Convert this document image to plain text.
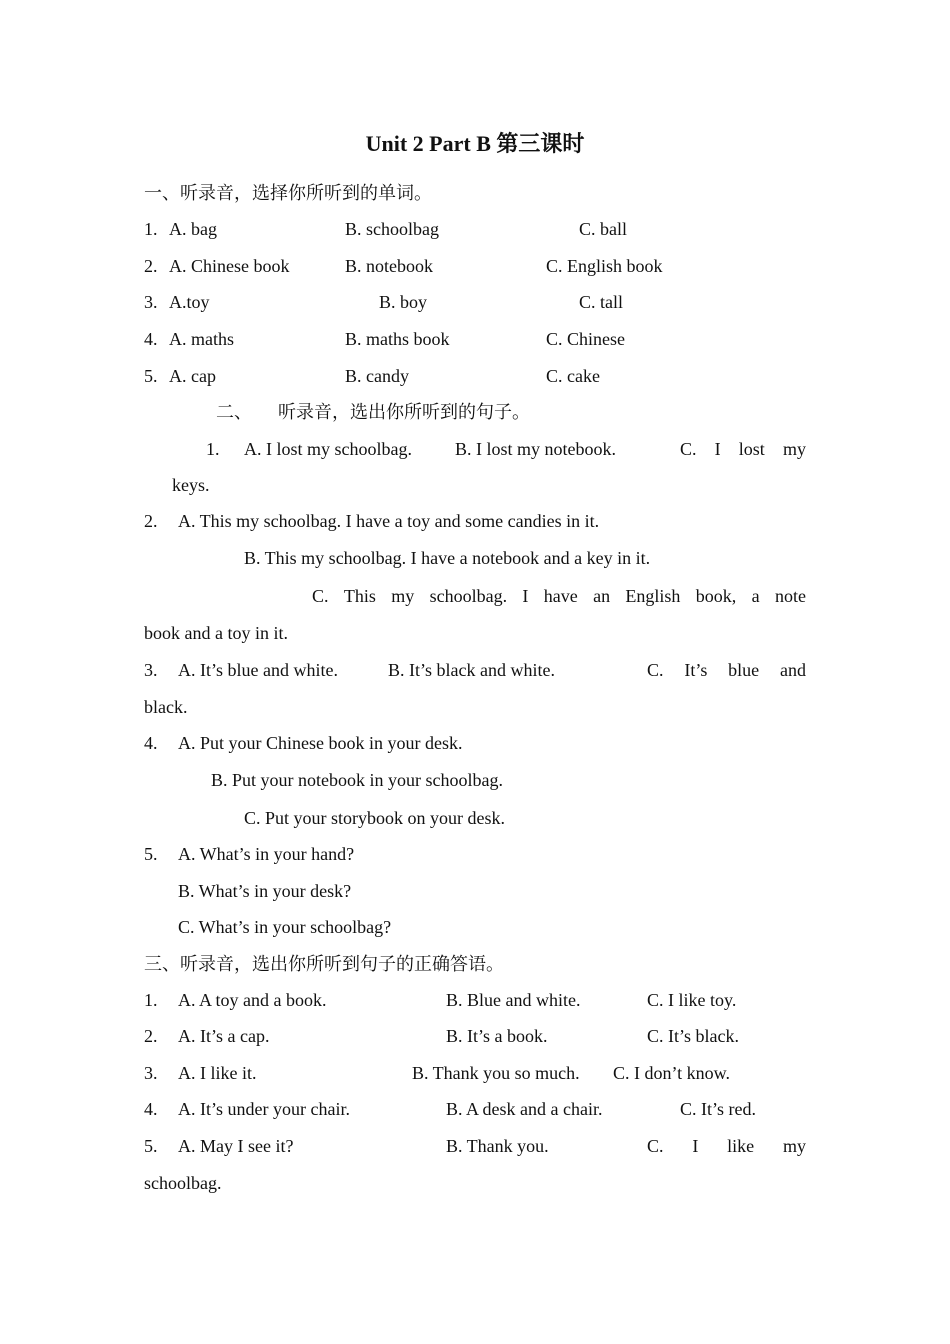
Unit 2 Part B 第三课时
一、听录音，选择你所听到的单词。
1. A. bag	B. schoolbag	C. ball
2. A. Chinese book	B. notebook	C. English book
3. A.toy	B. boy	C. tall
4. A. maths	B. maths book	C. Chinese
5. A. cap	B. candy	C. cake
二、 听录音，选出你所听到的句子。
1. A. I lost my schoolbag. B. I lost my notebook.	C. I lost my
keys.
2. A. This my schoolbag. I have a toy and some candies in it.
B. This my schoolbag. I have a notebook and a key in it.
C. This my schoolbag. I have an English book, a note
book and a toy in it.
3. A. It’s blue and white.	B. It’s black and white.	C. It’s blue and
black.
4. A. Put your Chinese book in your desk.
B. Put your notebook in your schoolbag.
C. Put your storybook on your desk.
5. A. What’s in your hand?
B. What’s in your desk?
C. What’s in your schoolbag?
三、听录音，选出你所听到句子的正确答语。
1. A. A toy and a book.	B. Blue and white.	C. I like toy.
2. A. It’s a cap.	B. It’s a book.	C. It’s black.
3. A. I like it.	B. Thank you so much. C. I don’t know.
4. A. It’s under your chair.	B. A desk and a chair.	C. It’s red.
5. A. May I see it?	B. Thank you.	C. I like my
schoolbag.
